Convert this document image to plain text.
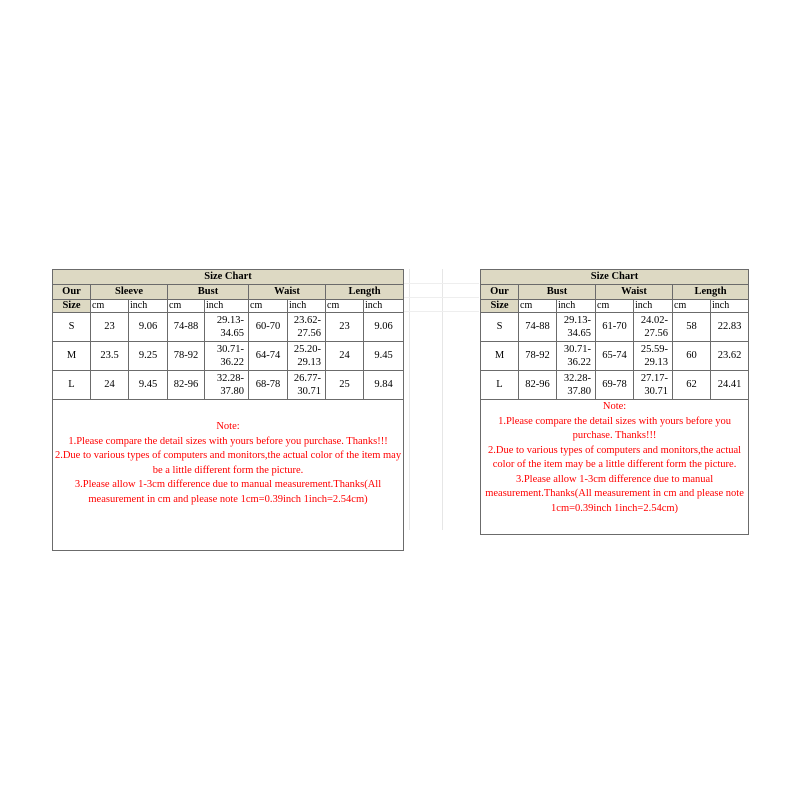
Size Chart								
Our	Sleeve		Bust		Waist		Length	
Size	cm	inch	cm	inch	cm	inch	cm	inch
S	23	9.06	74-88	29.13-34.65	60-70	23.62-27.56	23	9.06
M	23.5	9.25	78-92	30.71-36.22	64-74	25.20-29.13	24	9.45
L	24	9.45	82-96	32.28-37.80	68-78	26.77-30.71	25	9.84

Note:
1.Please compare the detail sizes with yours before you purchase. Thanks!!!
2.Due to various types of computers and monitors,the actual color of the item may be a little different form the picture.
3.Please allow 1-3cm difference due to manual measurement.Thanks(All measurement in cm and please note 1cm=0.39inch 1inch=2.54cm)								
Size Chart						
Our	Bust		Waist		Length	
Size	cm	inch	cm	inch	cm	inch
S	74-88	29.13-34.65	61-70	24.02-27.56	58	22.83
M	78-92	30.71-36.22	65-74	25.59-29.13	60	23.62
L	82-96	32.28-37.80	69-78	27.17-30.71	62	24.41

Note:
1.Please compare the detail sizes with yours before you purchase. Thanks!!!
2.Due to various types of computers and monitors,the actual color of the item may be a little different form the picture.
3.Please allow 1-3cm difference due to manual measurement.Thanks(All measurement in cm and please note 1cm=0.39inch 1inch=2.54cm)						
